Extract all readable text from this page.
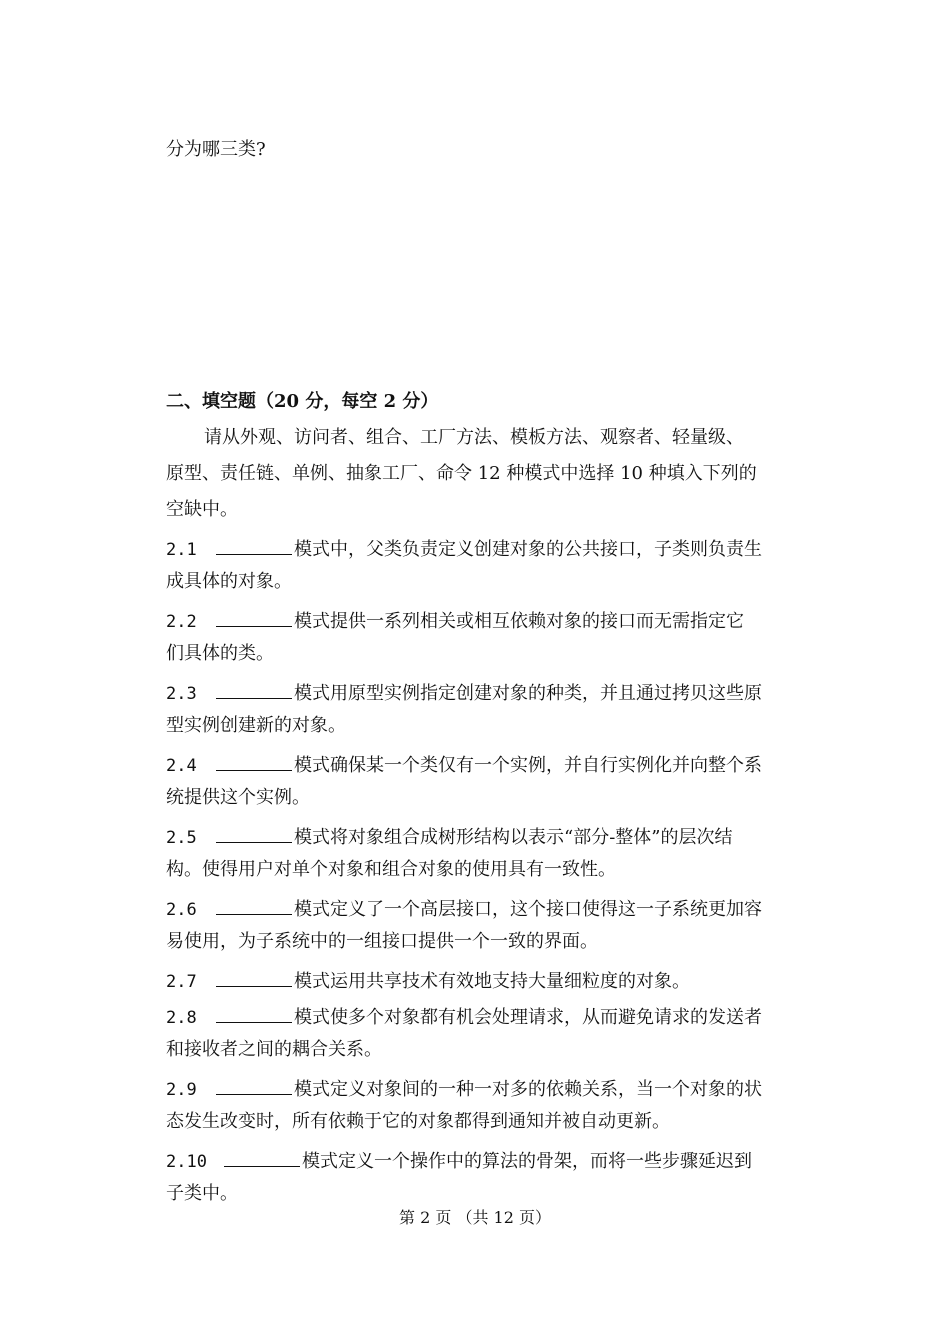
分为哪三类?
二、填空题（20 分，每空 2 分）
请从外观、访问者、组合、工厂方法、模板方法、观察者、轻量级、
原型、责任链、单例、抽象工厂、命令 12 种模式中选择 10 种填入下列的
空缺中。
2.1	模式中，父类负责定义创建对象的公共接口，子类则负责生
成具体的对象。
2.2	模式提供一系列相关或相互依赖对象的接口而无需指定它
们具体的类。
2.3	模式用原型实例指定创建对象的种类，并且通过拷贝这些原
型实例创建新的对象。
2.4	模式确保某一个类仅有一个实例，并自行实例化并向整个系
统提供这个实例。
2.5	模式将对象组合成树形结构以表示“部分-整体”的层次结
构。使得用户对单个对象和组合对象的使用具有一致性。
2.6	模式定义了一个高层接口，这个接口使得这一子系统更加容
易使用，为子系统中的一组接口提供一个一致的界面。
2.7	模式运用共享技术有效地支持大量细粒度的对象。
2.8	模式使多个对象都有机会处理请求，从而避免请求的发送者
和接收者之间的耦合关系。
2.9	模式定义对象间的一种一对多的依赖关系，当一个对象的状
态发生改变时，所有依赖于它的对象都得到通知并被自动更新。
2.10	模式定义一个操作中的算法的骨架，而将一些步骤延迟到
子类中。
第 2 页 （共 12 页）
